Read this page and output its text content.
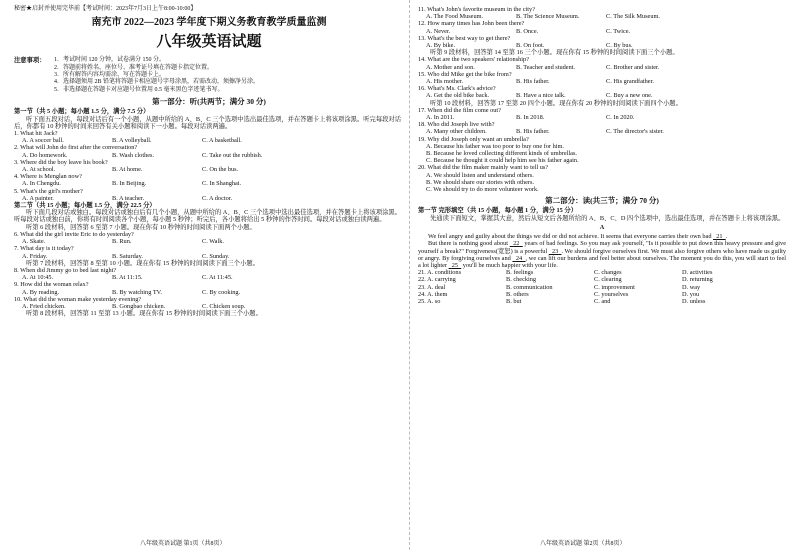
秘密★启封并使用完毕前【考试时间：2023年7月3日上午8:00-10:00】
南充市 2022—2023 学年度下期义务教育教学质量监测
八年级英语试题
注意事项：	1．考试时间 120 分钟，试卷满分 150 分。
2．答题前将姓名、座位号、准考证号填在答题卡指定位置。
3．所有解答内容均需涂、写在答题卡上。
4．选择题须用 2B 铅笔将答题卡相应题号字母涂黑，若需改动，须擦净另涂。
5．非选择题在答题卡对应题号位置用 0.5 毫米黑色字迹笔书写。
第一部分：听(共两节；满分 30 分)
第一节（共 5 小题；每小题 1.5 分，满分 7.5 分）
听下面五段对话，每段对话后有一个小题，从题中所给的 A、B、C 三个选项中选出最佳选项，并在答题卡上将该项涂黑。听完每段对话后，你都有 10 秒钟的时间来回答有关小题和阅读下一小题。每段对话读两遍。
1. What hit Jack?
A. A soccer ball.	B. A volleyball.	C. A basketball.
2. What will John do first after the conversation?
A. Do homework.	B. Wash clothes.	C. Take out the rubbish.
3. Where did the boy leave his book?
A. At school.	B. At home.	C. On the bus.
4. Where is Menglan now?
A. In Chengdu.	B. In Beijing.	C. In Shanghai.
5. What's the girl's mother?
A. A painter.	B. A teacher.	C. A doctor.
第二节（共 15 小题；每小题 1.5 分，满分 22.5 分）
听下面几段对话或独白。每段对话或独白后有几个小题，从题中所给的 A、B、C 三个选项中选出最佳选项，并在答题卡上将该项涂黑。听每段对话或独白前，你将有时间阅读各个小题，每小题 5 秒钟；听完后，各小题将给出 5 秒钟的作答时间。每段对话或独白读两遍。
听第 6 段材料，回答第 6 至第 7 小题。现在你有 10 秒钟的时间阅读下面两个小题。
6. What did the girl invite Eric to do yesterday?
A. Skate.	B. Run.	C. Walk.
7. What day is it today?
A. Friday.	B. Saturday.	C. Sunday.
听第 7 段材料，回答第 8 至第 10 小题。现在你有 15 秒钟的时间阅读下面三个小题。
8. When did Jimmy go to bed last night?
A. At 10:45.	B. At 11:15.	C. At 11:45.
9. How did the woman relax?
A. By reading.	B. By watching TV.	C. By cooking.
10. What did the woman make yesterday evening?
A. Fried chicken.	B. Gongbao chicken.	C. Chicken soup.
听第 8 段材料，回答第 11 至第 13 小题。现在你有 15 秒钟的时间阅读下面三个小题。
八年级英语试题 第1页（共8页）
11. What's John's favorite museum in the city?
A. The Food Museum.	B. The Science Museum.	C. The Silk Museum.
12. How many times has John been there?
A. Never.	B. Once.	C. Twice.
13. What's the best way to get there?
A. By bike.	B. On foot.	C. By bus.
听第 9 段材料，回答第 14 至第 16 三个小题。现在你有 15 秒钟的时间阅读下面三个小题。
14. What are the two speakers' relationship?
A. Mother and son.	B. Teacher and student.	C. Brother and sister.
15. Who did Mike get the bike from?
A. His mother.	B. His father.	C. His grandfather.
16. What's Ms. Clark's advice?
A. Get the old bike back.	B. Have a nice talk.	C. Buy a new one.
听第 10 段材料，回答第 17 至第 20 四个小题。现在你有 20 秒钟的时间阅读下面四个小题。
17. When did the film come out?
A. In 2011.	B. In 2018.	C. In 2020.
18. Who did Joseph live with?
A. Many other children.	B. His father.	C. The director's sister.
19. Why did Joseph only want an umbrella?
A. Because his father was too poor to buy one for him.
B. Because he loved collecting different kinds of umbrellas.
C. Because he thought it could help him see his father again.
20. What did the film maker mainly want to tell us?
A. We should listen and understand others.
B. We should share our stories with others.
C. We should try to do more volunteer work.
第二部分：读(共三节；满分 70 分)
第一节 完形填空（共 15 小题，每小题 1 分，满分 15 分）
先通读下面短文，掌握其大意，然后从短文后各题所给的 A、B、C、D 四个选项中，选出最佳选项，并在答题卡上将该项涂黑。
A
We feel angry and guilty about the things we did or did not achieve. It seems that everyone carries their own bad 21 .
But there is nothing good about 22 years of bad feelings. So you may ask yourself, "Is it possible to put down this heavy pressure and give yourself a break?" Forgiveness(宽恕) is a powerful 23 . We should forgive ourselves first. We must also forgive others who have made us guilty or angry. By forgiving ourselves and 24 , we can lift our burdens and feel better about ourselves. The moment you do this, you will start to feel a lot lighter 25 you'll be much happier with your life.
21. A. conditions	B. feelings	C. changes	D. activities
22. A. carrying	B. checking	C. clearing	D. returning
23. A. deal	B. communication	C. improvement	D. way
24. A. them	B. others	C. yourselves	D. you
25. A. so	B. but	C. and	D. unless
八年级英语试题 第2页（共8页）
